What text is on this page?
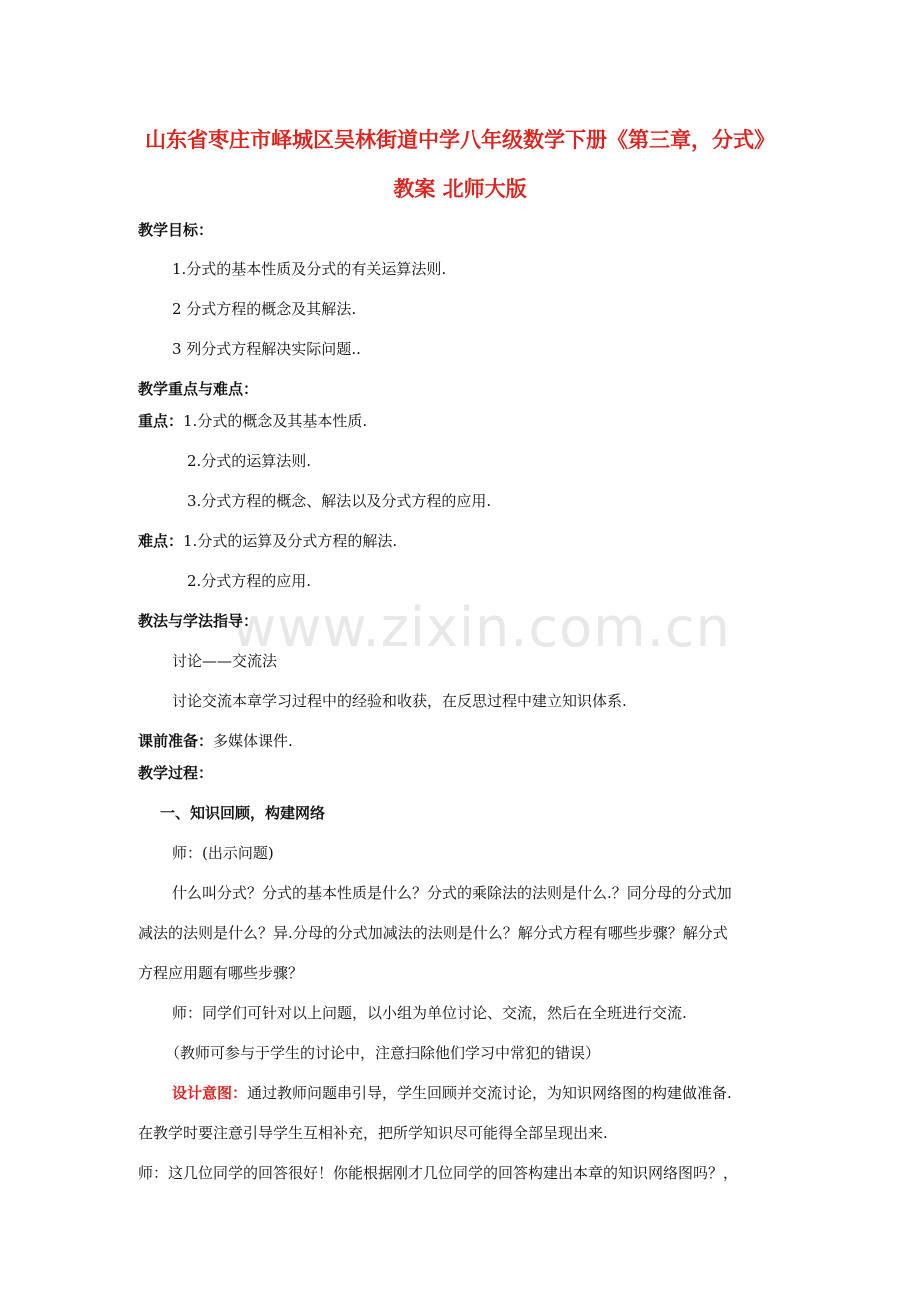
www.zixin.com.cn
山东省枣庄市峄城区吴林街道中学八年级数学下册《第三章，分式》
教案 北师大版
教学目标：
1.分式的基本性质及分式的有关运算法则.
2 分式方程的概念及其解法.
3 列分式方程解决实际问题..
教学重点与难点：
重点：1.分式的概念及其基本性质.
2.分式的运算法则.
3.分式方程的概念、解法以及分式方程的应用.
难点：1.分式的运算及分式方程的解法.
2.分式方程的应用.
教法与学法指导：
讨论——交流法
讨论交流本章学习过程中的经验和收获，在反思过程中建立知识体系.
课前准备：多媒体课件.
教学过程：
一、知识回顾，构建网络
师：(出示问题)
什么叫分式？分式的基本性质是什么？分式的乘除法的法则是什么.？同分母的分式加
减法的法则是什么？异.分母的分式加减法的法则是什么？解分式方程有哪些步骤？解分式
方程应用题有哪些步骤？
师：同学们可针对以上问题，以小组为单位讨论、交流，然后在全班进行交流.
（教师可参与于学生的讨论中，注意扫除他们学习中常犯的错误）
设计意图：通过教师问题串引导，学生回顾并交流讨论，为知识网络图的构建做准备.
在教学时要注意引导学生互相补充，把所学知识尽可能得全部呈现出来.
师：这几位同学的回答很好！你能根据刚才几位同学的回答构建出本章的知识网络图吗？，
